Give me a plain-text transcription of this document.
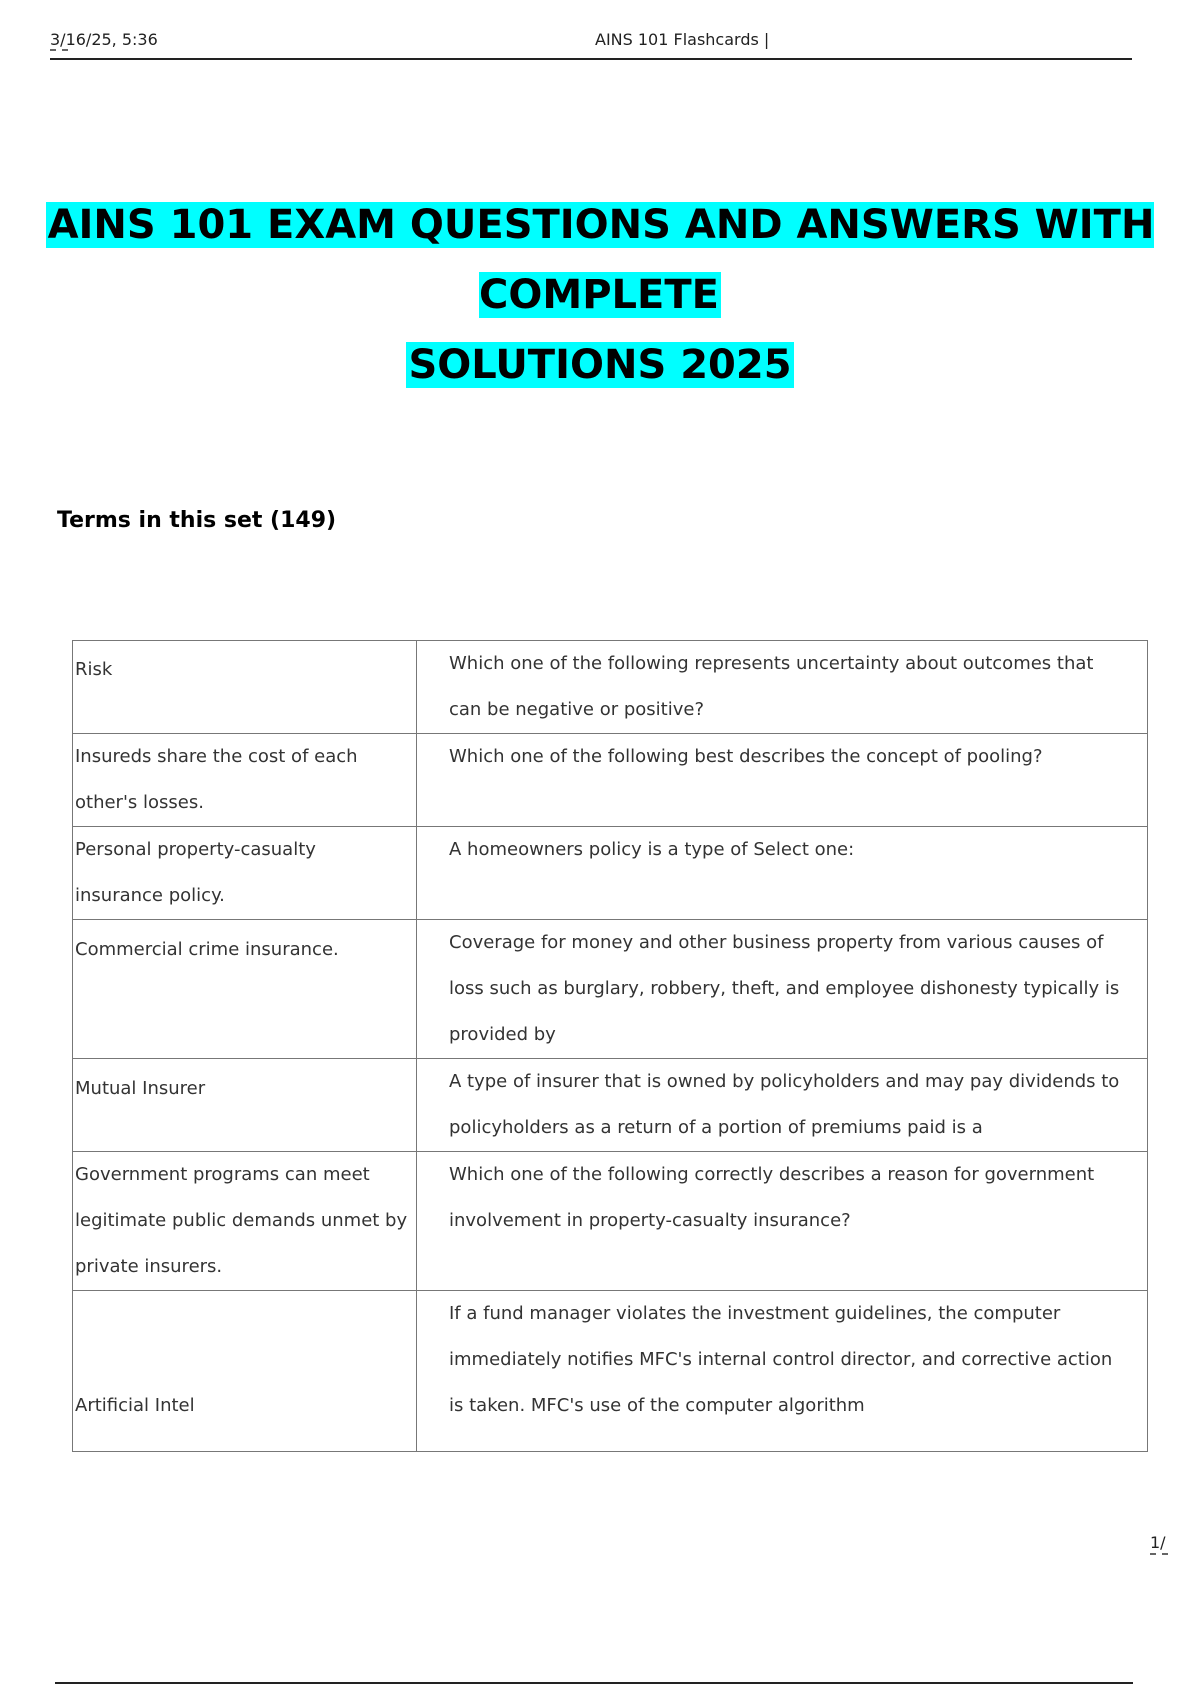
3/16/25, 5:36	AINS 101 Flashcards |
AINS 101 EXAM QUESTIONS AND ANSWERS WITH COMPLETE
SOLUTIONS 2025
Terms in this set (149)
Risk	Which one of the following represents uncertainty about outcomes that can be negative or positive?
Insureds share the cost of each other's losses.	Which one of the following best describes the concept of pooling?
Personal property-casualty insurance policy.	A homeowners policy is a type of Select one:
Commercial crime insurance.	Coverage for money and other business property from various causes of loss such as burglary, robbery, theft, and employee dishonesty typically is provided by
Mutual Insurer	A type of insurer that is owned by policyholders and may pay dividends to policyholders as a return of a portion of premiums paid is a
Government programs can meet legitimate public demands unmet by private insurers.	Which one of the following correctly describes a reason for government involvement in property-casualty insurance?
Artificial Intel	If a fund manager violates the investment guidelines, the computer immediately notifies MFC's internal control director, and corrective action is taken. MFC's use of the computer algorithm
1/
